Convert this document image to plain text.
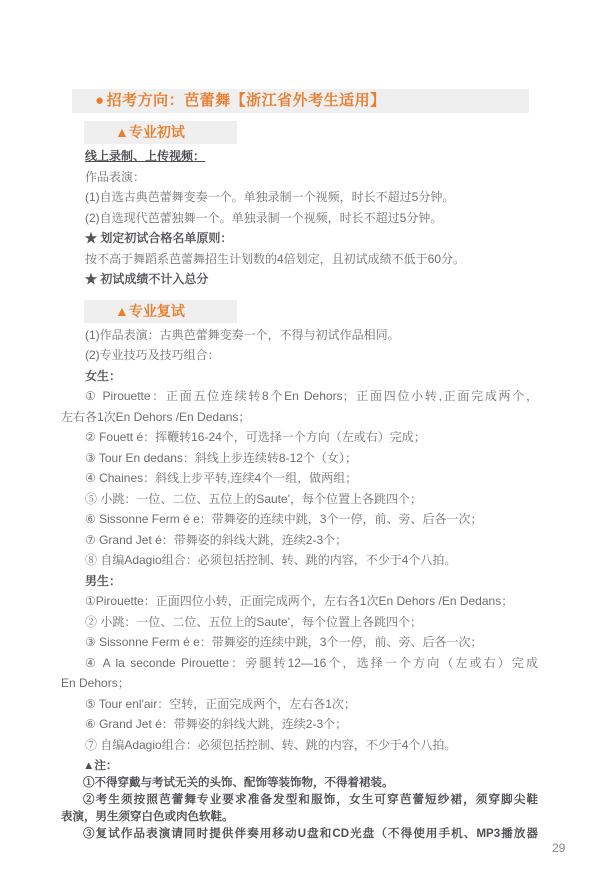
● 招考方向：芭蕾舞【浙江省外考生适用】
▲专业初试

线上录制、上传视频：

作品表演：

(1)自选古典芭蕾舞变奏一个。单独录制一个视频，时长不超过5分钟。

(2)自选现代芭蕾独舞一个。单独录制一个视频，时长不超过5分钟。

★ 划定初试合格名单原则：

按不高于舞蹈系芭蕾舞招生计划数的4倍划定，且初试成绩不低于60分。

★ 初试成绩不计入总分

▲专业复试

(1)作品表演：古典芭蕾舞变奏一个，不得与初试作品相同。

(2)专业技巧及技巧组合：

女生：

① Pirouette：正面五位连续转8个En Dehors；正面四位小转,正面完成两个，

左右各1次En Dehors /En Dedans；

② Fouett é：挥鞭转16-24个，可选择一个方向（左或右）完成；

③ Tour En dedans：斜线上步连续转8-12个（女）；

④ Chaines：斜线上步平转,连续4个一组，做两组；

⑤ 小跳：一位、二位、五位上的Saute'，每个位置上各跳四个；

⑥ Sissonne Ferm é e：带舞姿的连续中跳，3个一停，前、旁、后各一次；

⑦ Grand Jet é：带舞姿的斜线大跳，连续2-3个；

⑧ 自编Adagio组合：必须包括控制、转、跳的内容，不少于4个八拍。

男生：

①Pirouette：正面四位小转，正面完成两个，左右各1次En Dehors /En Dedans；

② 小跳：一位、二位、五位上的Saute'，每个位置上各跳四个；

③ Sissonne Ferm é e：带舞姿的连续中跳，3个一停，前、旁、后各一次；

④ A la seconde Pirouette：旁腿转12—16个，选择一个方向（左或右）完成

En Dehors；

⑤ Tour enl'air：空转，正面完成两个，左右各1次；

⑥ Grand Jet é：带舞姿的斜线大跳，连续2-3个；

⑦ 自编Adagio组合：必须包括控制、转、跳的内容，不少于4个八拍。

▲注：

①不得穿戴与考试无关的头饰、配饰等装饰物，不得着裙装。

②考生须按照芭蕾舞专业要求准备发型和服饰，女生可穿芭蕾短纱裙，须穿脚尖鞋

表演，男生须穿白色或肉色软鞋。

③复试作品表演请同时提供伴奏用移动U盘和CD光盘（不得使用手机、MP3播放器

29
